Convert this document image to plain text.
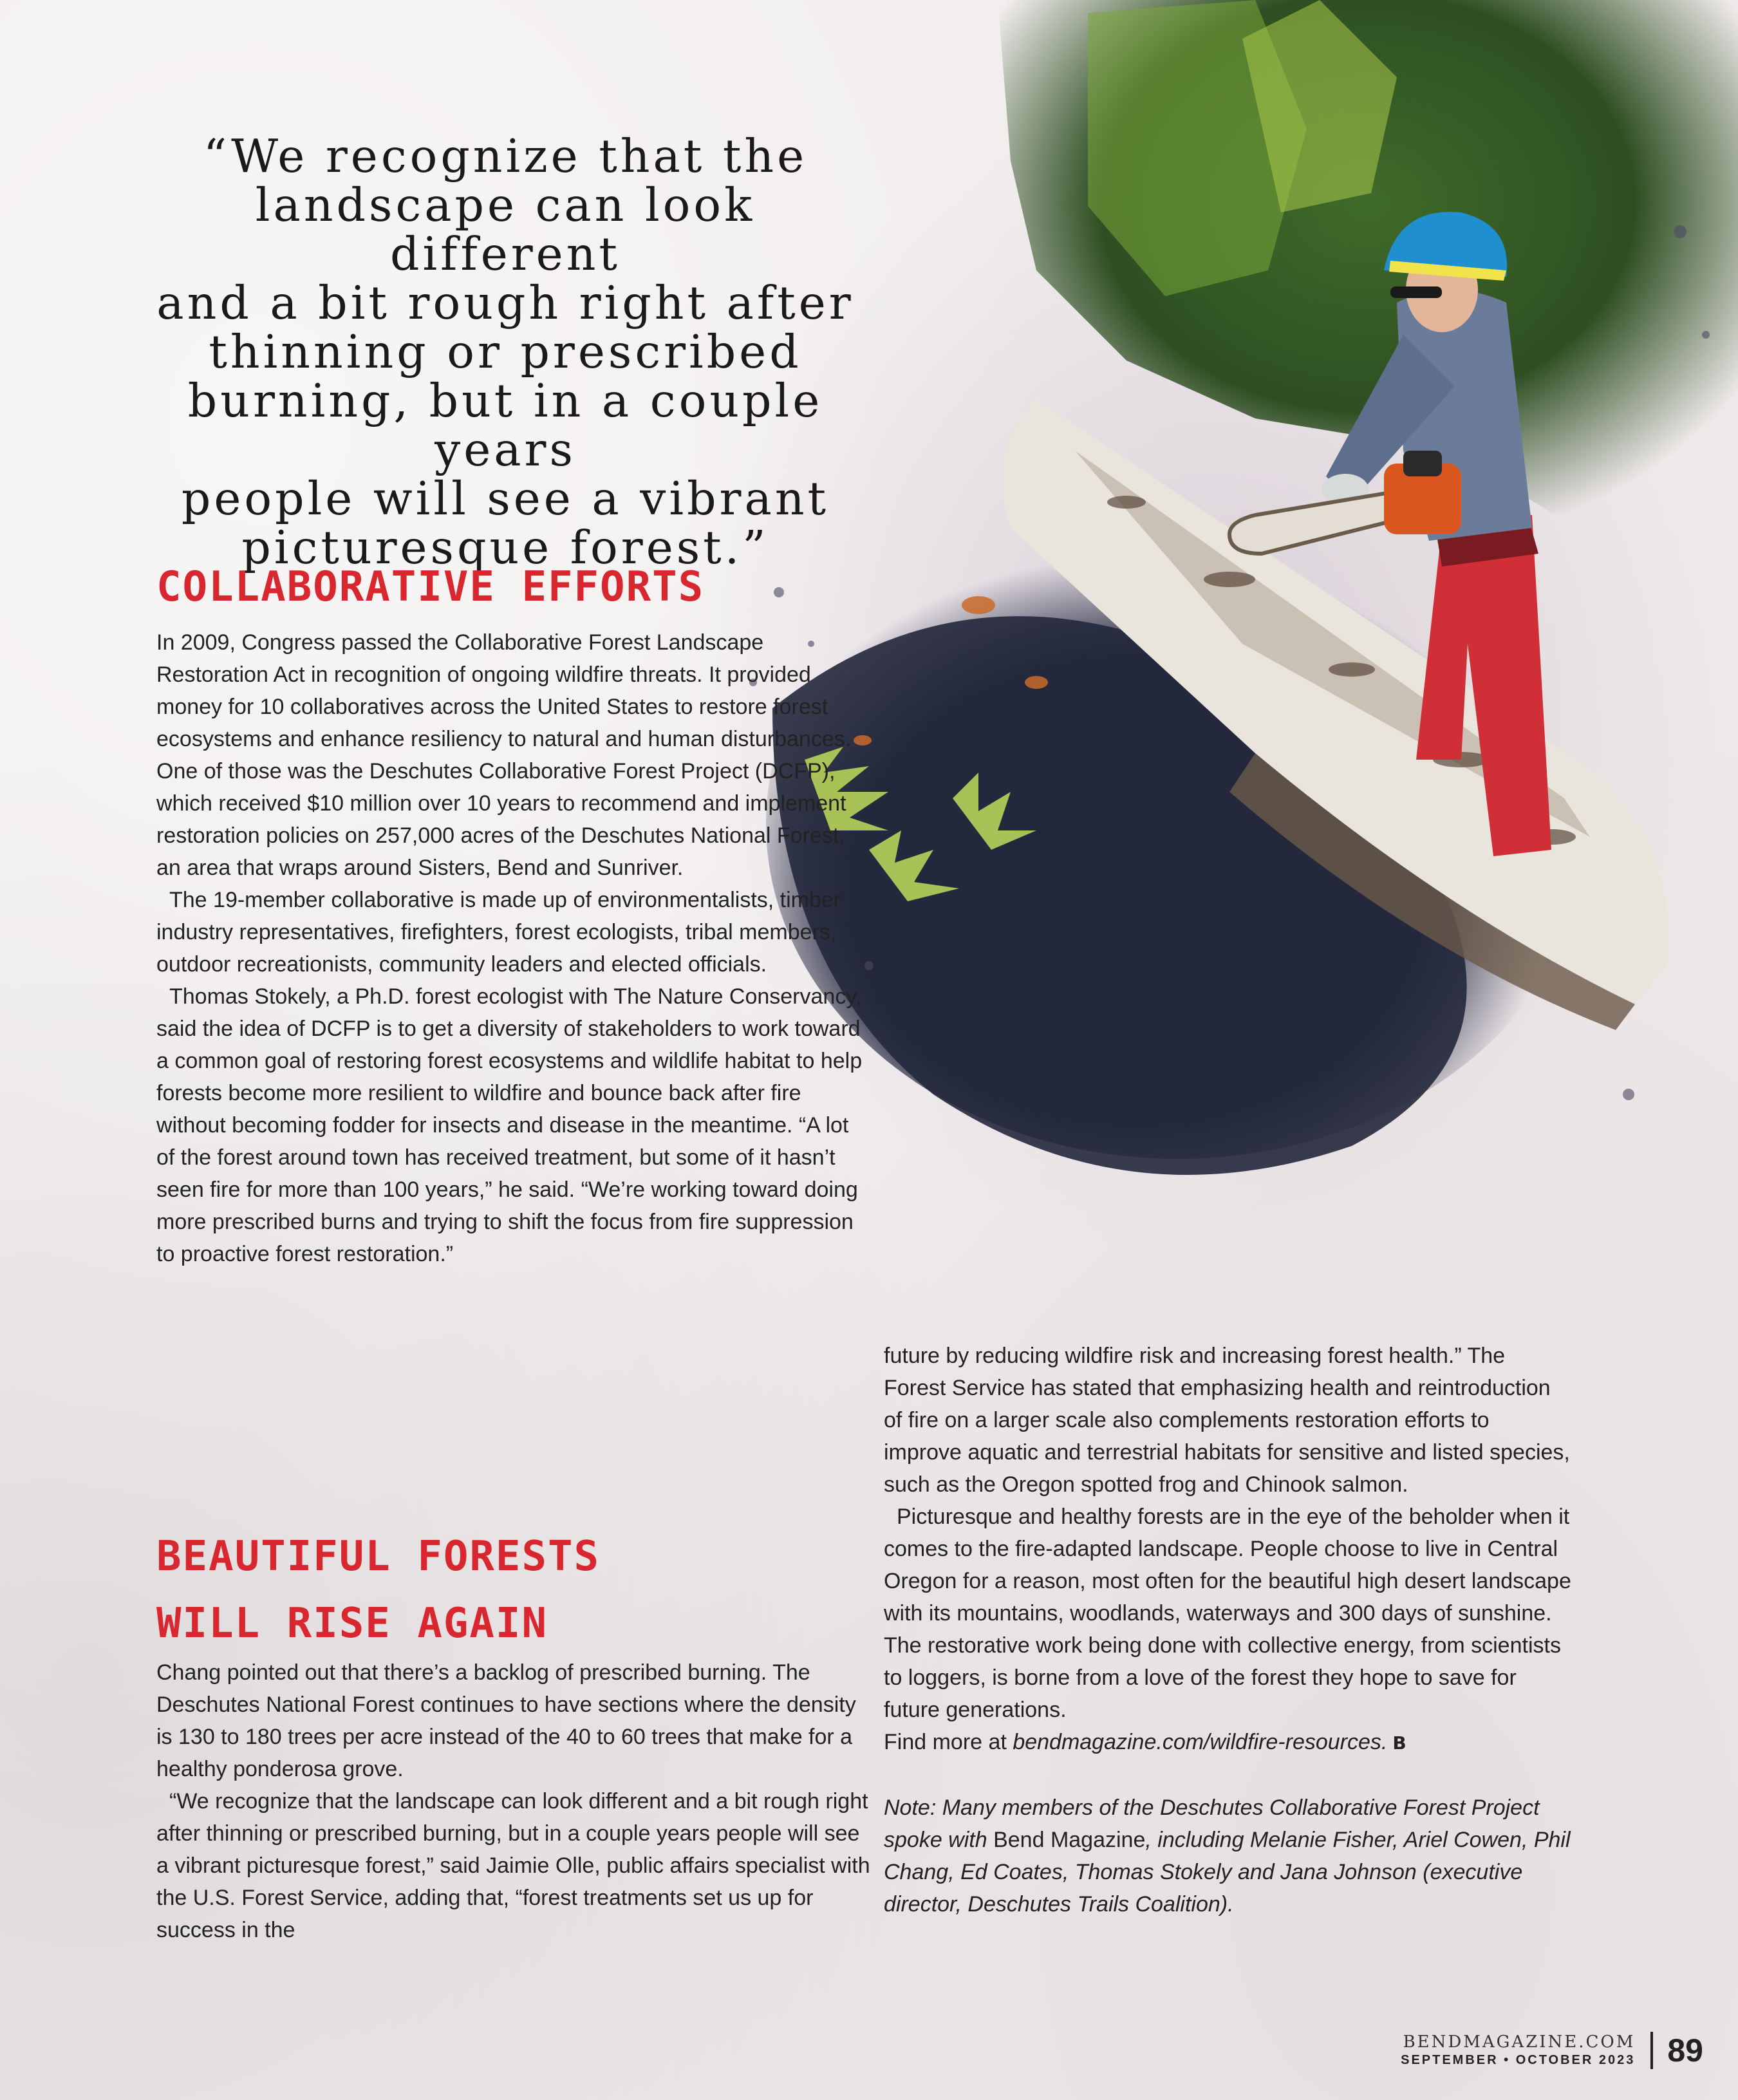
“We recognize that the
landscape can look different
and a bit rough right after
thinning or prescribed
burning, but in a couple years
people will see a vibrant
picturesque forest.”
COLLABORATIVE EFFORTS

In 2009, Congress passed the Collaborative Forest Landscape Restoration Act in recognition of ongoing wildfire threats. It provided money for 10 collaboratives across the United States to restore forest ecosystems and enhance resiliency to natural and human disturbances. One of those was the Deschutes Collaborative Forest Project (DCFP), which received $10 million over 10 years to recommend and implement restoration policies on 257,000 acres of the Deschutes National Forest, an area that wraps around Sisters, Bend and Sunriver.

The 19-member collaborative is made up of environmentalists, timber industry representatives, firefighters, forest ecologists, tribal members, outdoor recreationists, community leaders and elected officials.

Thomas Stokely, a Ph.D. forest ecologist with The Nature Conservancy, said the idea of DCFP is to get a diversity of stakeholders to work toward a common goal of restoring forest ecosystems and wildlife habitat to help forests become more resilient to wildfire and bounce back after fire without becoming fodder for insects and disease in the meantime. “A lot of the forest around town has received treatment, but some of it hasn’t seen fire for more than 100 years,” he said. “We’re working toward doing more prescribed burns and trying to shift the focus from fire suppression to proactive forest restoration.”

BEAUTIFUL FORESTS
WILL RISE AGAIN

Chang pointed out that there’s a backlog of prescribed burning. The Deschutes National Forest continues to have sections where the density is 130 to 180 trees per acre instead of the 40 to 60 trees that make for a healthy ponderosa grove.

“We recognize that the landscape can look different and a bit rough right after thinning or prescribed burning, but in a couple years people will see a vibrant picturesque forest,” said Jaimie Olle, public affairs specialist with the U.S. Forest Service, adding that, “forest treatments set us up for success in the

future by reducing wildfire risk and increasing forest health.” The Forest Service has stated that emphasizing health and reintroduction of fire on a larger scale also complements restoration efforts to improve aquatic and terrestrial habitats for sensitive and listed species, such as the Oregon spotted frog and Chinook salmon.

Picturesque and healthy forests are in the eye of the beholder when it comes to the fire-adapted landscape. People choose to live in Central Oregon for a reason, most often for the beautiful high desert landscape with its mountains, woodlands, waterways and 300 days of sunshine. The restorative work being done with collective energy, from scientists to loggers, is borne from a love of the forest they hope to save for future generations.

Find more at bendmagazine.com/wildfire-resources. B

Note: Many members of the Deschutes Collaborative Forest Project spoke with Bend Magazine, including Melanie Fisher, Ariel Cowen, Phil Chang, Ed Coates, Thomas Stokely and Jana Johnson (executive director, Deschutes Trails Coalition).

BENDMAGAZINE.COM
SEPTEMBER • OCTOBER 2023 89
